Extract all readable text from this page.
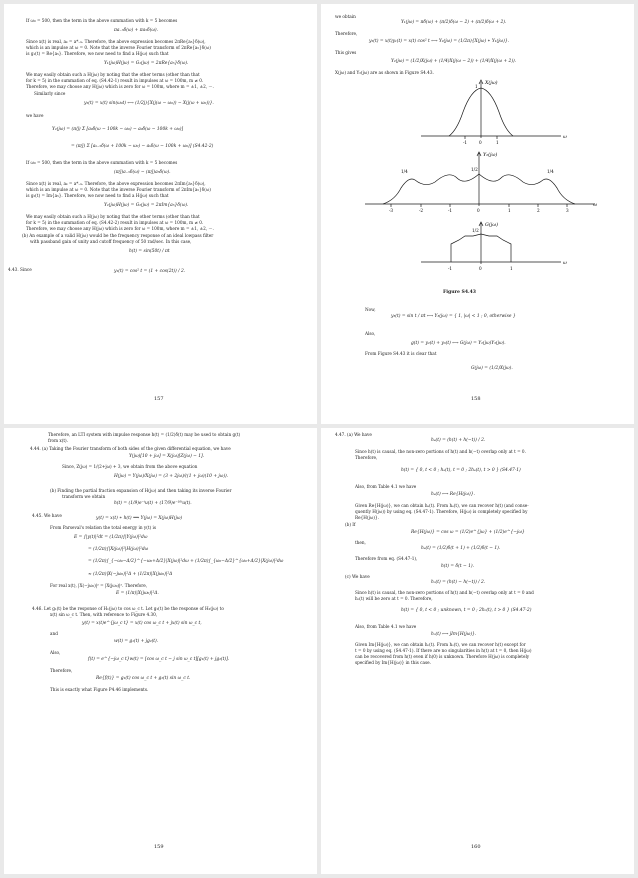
If ω₀ = 500, then the term in the above summation with k = 5 becomes
πa₋₅δ(ω) + πa₅δ(ω).
Since x(t) is real, aₖ = a*₋ₖ. Therefore, the above expression becomes 2πRe{a₅}δ(ω),
which is an impulse at ω = 0. Note that the inverse Fourier transform of 2πRe{a₅}δ(ω)
is g₁(t) = Re{a₅}. Therefore, we now need to find a H(jω) such that
Y₁(jω)H(jω) = G₁(jω) = 2πRe{a₅}δ(ω).
We may easily obtain such a H(jω) by noting that the other terms (other than that
for k = 5) in the summation of eq. (S4.42-1) result in impulses at ω = 100m, m ≠ 0.
Therefore, we may choose any H(jω) which is zero for ω = 100m, where m = ±1, ±2, ···.
Similarly since
y₂(t) = x(t) sin(ω₀t) ⟷ (1/2j){X(j(ω − ω₀)) − X(j(ω + ω₀))}.
we have
Y₂(jω) = (π/j) Σ [a₀δ(ω − 100k − ω₀) − a₀δ(ω − 100k + ω₀)]
= (π/j) Σ [aₖ₋₅δ(ω + 100k − ω₀) − aₖδ(ω − 100k + ω₀)] (S4.42-2)
If ω₀ = 500, then the term in the above summation with k = 5 becomes
(π/j)a₋₅δ(ω) − (π/j)a₅δ(ω).
Since x(t) is real, aₖ = a*₋ₖ. Therefore, the above expression becomes 2πIm{a₅}δ(ω),
which is an impulse at ω = 0. Note that the inverse Fourier transform of 2πIm{a₅}δ(ω)
is g₂(t) = Im{a₅}. Therefore, we now need to find a H(jω) such that
Y₂(jω)H(jω) = G₂(jω) = 2πIm{a₅}δ(ω).
We may easily obtain such a H(jω) by noting that the other terms (other than that
for k = 5) in the summation of eq. (S4.42-2) result in impulses at ω = 100m, m ≠ 0.
Therefore, we may choose any H(jω) which is zero for ω = 100m, where m = ±1, ±2, ···.
(b) An example of a valid H(jω) would be the frequency response of an ideal lowpass filter
with passband gain of unity and cutoff frequency of 50 rad/sec. In this case,
h(t) = sin(50t) / πt
4.43. Since	y₁(t) = cos² t = (1 + cos(2t)) / 2.
157
we obtain
Y₁(jω) = πδ(ω) + (π/2)δ(ω − 2) + (π/2)δ(ω + 2).
Therefore,
y₂(t) = x(t)y₁(t) = x(t) cos² t ⟷ Y₂(jω) = (1/2π){X(jω) ∗ Y₁(jω)}.
This gives
Y₂(jω) = (1/2)X(jω) + (1/4)X(j(ω − 2)) + (1/4)X(j(ω + 2)).
X(jω) and Y₂(jω) are as shown in Figure S4.43.
X(jω)
1
ω
-1	0	1
Y₂(jω)
1/2
1/4	1/4
ω
-3	-2	-1	0	1	2	3
G(jω)
1/2
ω
-1	0	1
Figure S4.43
Now,
y₃(t) = sin t / πt ⟷ Y₃(jω) = { 1, |ω| < 1 ; 0, otherwise }
Also,
g(t) = y₂(t) + y₃(t) ⟷ G(jω) = Y₂(jω)Y₃(jω).
From Figure S4.43 it is clear that
G(jω) = (1/2)X(jω).
158
Therefore, an LTI system with impulse response h(t) = (1/2)δ(t) may be used to obtain g(t)
from x(t).
4.44. (a) Taking the Fourier transform of both sides of the given differential equation, we have
Y(jω)[10 + jω] = X(jω)[Z(jω) − 1].
Since, Z(jω) = 1/(2+jω) + 3, we obtain from the above equation
H(jω) = Y(jω)/X(jω) = (3 + 2jω)/((1 + jω)(10 + jω)).
(b) Finding the partial fraction expansion of H(jω) and then taking its inverse Fourier
transform we obtain
h(t) = (1/9)e⁻ᵗu(t) + (17/9)e⁻¹⁰ᵗu(t).
4.45. We have
y(t) = x(t) ∗ h(t) ⟹ Y(jω) = X(jω)H(jω)
From Parseval's relation the total energy in y(t) is
E = ∫|y(t)|²dt = (1/2π)∫|Y(jω)|²dω
= (1/2π)∫|X(jω)|²|H(jω)|²dω
= (1/2π)∫_{−ω₀−Δ/2}^{−ω₀+Δ/2}|X(jω)|²dω + (1/2π)∫_{ω₀−Δ/2}^{ω₀+Δ/2}|X(jω)|²dω
≈ (1/2π)|X(−jω₀)|²Δ + (1/2π)|X(jω₀)|²Δ
For real x(t), |X(−jω₀)|² = |X(jω₀)|². Therefore,
E = (1/π)|X(jω₀)|²Δ.
4.46. Let g₁(t) be the response of H₁(jω) to cos ω_c t. Let g₂(t) be the response of H₂(jω) to
x(t) sin ω_c t. Then, with reference to Figure 4.30,
y(t) = x(t)e^{jω_c t} = x(t) cos ω_c t + jx(t) sin ω_c t,
and
w(t) = g₁(t) + jg₂(t).
Also,
f(t) = e^{−jω_c t}w(t) = [cos ω_c t − j sin ω_c t][g₁(t) + jg₂(t)].
Therefore,
Re{f(t)} = g₁(t) cos ω_c t + g₂(t) sin ω_c t.
This is exactly what Figure P4.46 implements.
159
4.47. (a) We have
hₑ(t) = (h(t) + h(−t)) / 2.
Since h(t) is causal, the non-zero portions of h(t) and h(−t) overlap only at t = 0.
Therefore,
h(t) = { 0, t < 0 ; hₑ(t), t = 0 ; 2hₑ(t), t > 0 } (S4.47-1)
Also, from Table 4.1 we have
hₑ(t) ⟷ Re{H(jω)}.
Given Re{H(jω)}, we can obtain hₑ(t). From hₑ(t), we can recover h(t) (and conse-
quently H(jω)) by using eq. (S4.47-1). Therefore, H(jω) is completely specified by
Re{H(jω)}.
(b) If
Re{H(jω)} = cos ω = (1/2)e^{jω} + (1/2)e^{−jω}
then,
hₑ(t) = (1/2)δ(t + 1) + (1/2)δ(t − 1).
Therefore from eq. (S4.47-1),
h(t) = δ(t − 1).
(c) We have
hₒ(t) = (h(t) − h(−t)) / 2.
Since h(t) is causal, the non-zero portions of h(t) and h(−t) overlap only at t = 0 and
hₒ(t) will be zero at t = 0. Therefore,
h(t) = { 0, t < 0 ; unknown, t = 0 ; 2hₒ(t), t > 0 } (S4.47-2)
Also, from Table 4.1 we have
hₒ(t) ⟷ jIm{H(jω)}.
Given Im{H(jω)}, we can obtain hₒ(t). From hₒ(t), we can recover h(t) except for
t = 0 by using eq. (S4.47-1). If there are no singularities in h(t) at t = 0, then H(jω)
can be recovered from h(t) even if h(0) is unknown. Therefore H(jω) is completely
specified by Im{H(jω)} in this case.
160
